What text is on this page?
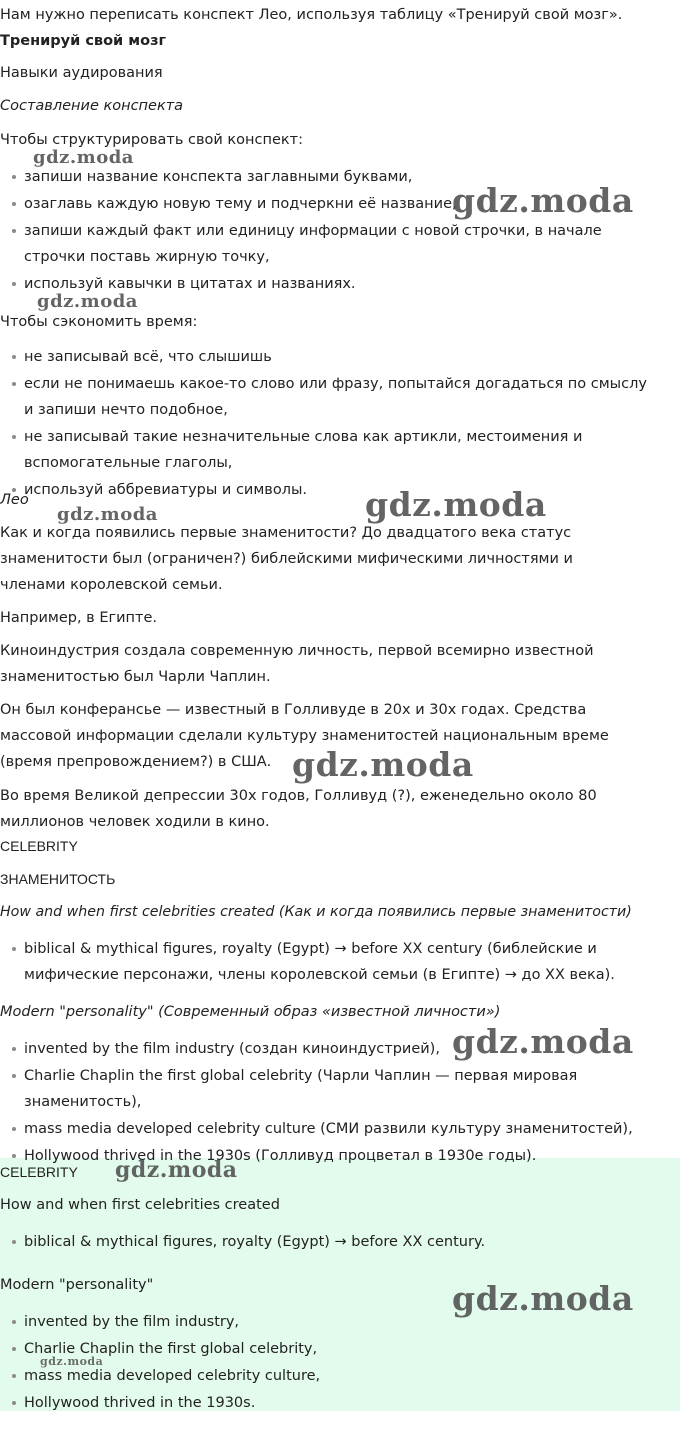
Нам нужно переписать конспект Лео, используя таблицу «Тренируй свой мозг».

Тренируй свой мозг

Навыки аудирования

Составление конспекта

Чтобы структурировать свой конспект:

запиши название конспекта заглавными буквами,
озаглавь каждую новую тему и подчеркни её название,
запиши каждый факт или единицу информации с новой строчки, в начале строчки поставь жирную точку,
используй кавычки в цитатах и названиях.

Чтобы сэкономить время:

не записывай всё, что слышишь
если не понимаешь какое-то слово или фразу, попытайся догадаться по смыслу и запиши нечто подобное,
не записывай такие незначительные слова как артикли, местоимения и вспомогательные глаголы,
используй аббревиатуры и символы.

Лео

Как и когда появились первые знаменитости? До двадцатого века статус знаменитости был (ограничен?) библейскими мифическими личностями и членами королевской семьи.

Например, в Египте.

Киноиндустрия создала современную личность, первой всемирно известной знаменитостью был Чарли Чаплин.

Он был конферансье — известный в Голливуде в 20х и 30х годах. Средства массовой информации сделали культуру знаменитостей национальным време (время препровождением?) в США.

Во время Великой депрессии 30х годов, Голливуд (?), еженедельно около 80 миллионов человек ходили в кино.

CELEBRITY

ЗНАМЕНИТОСТЬ

How and when first celebrities created (Как и когда появились первые знаменитости)

biblical & mythical figures, royalty (Egypt) → before XX century (библейские и мифические персонажи, члены королевской семьи (в Египте) → до XX века).

Modern "personality" (Современный образ «известной личности»)

invented by the film industry (создан киноиндустрией),
Charlie Chaplin the first global celebrity (Чарли Чаплин — первая мировая знаменитость),
mass media developed celebrity culture (СМИ развили культуру знаменитостей),
Hollywood thrived in the 1930s (Голливуд процветал в 1930е годы).

CELEBRITY

How and when first celebrities created

biblical & mythical figures, royalty (Egypt) → before XX century.

Modern "personality"

invented by the film industry,
Charlie Chaplin the first global celebrity,
mass media developed celebrity culture,
Hollywood thrived in the 1930s.
gdz.moda
gdz.moda
gdz.moda
gdz.moda
gdz.moda
gdz.moda
gdz.moda
gdz.moda
gdz.moda
gdz.moda
